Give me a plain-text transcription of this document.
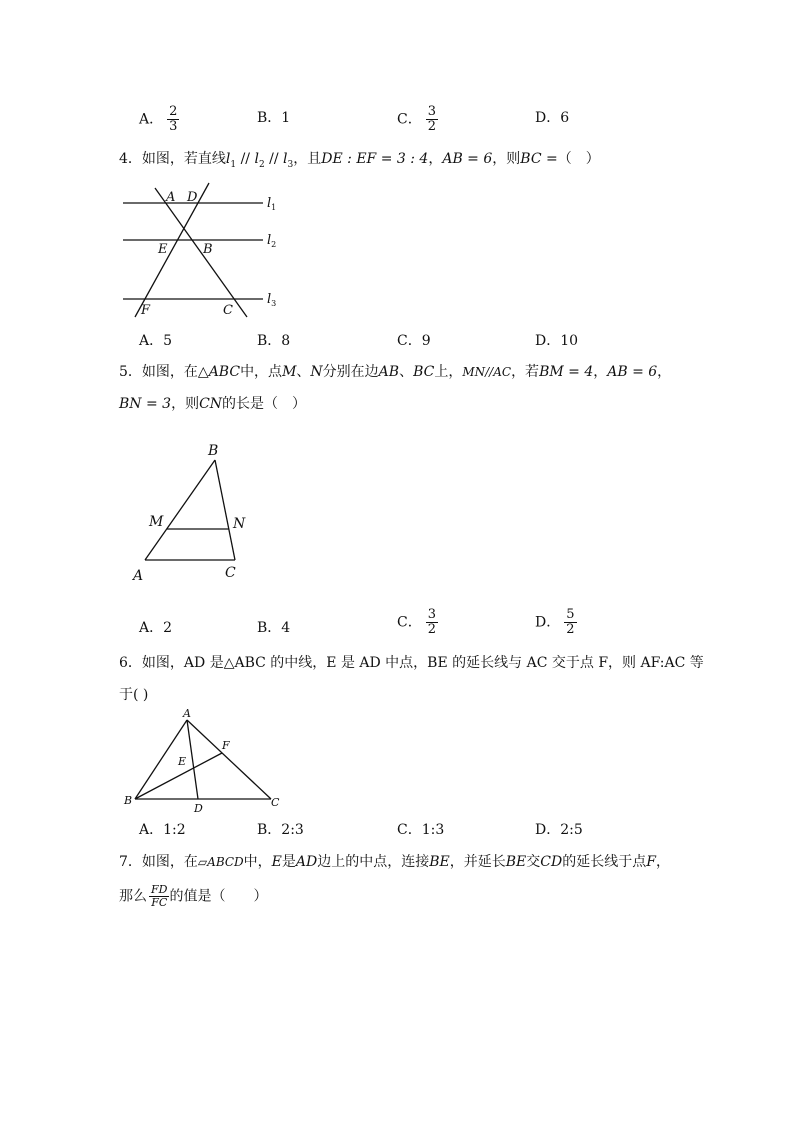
A． $\frac{2}{3}$	B．1	C． $\frac{3}{2}$	D．6
4．如图，若直线$l_1 // l_2 // l_3$，且DE : EF = 3 : 4，AB = 6，则BC =（　）
A D
E	B
F	C
$l_1$
$l_2$
$l_3$
A．5	B．8	C．9	D．10
5．如图，在△ABC中，点M、N分别在边AB、BC上，MN//AC，若BM = 4，AB = 6，
BN = 3，则CN的长是（　）
B
M	N
A	C
A．2	B．4	C． $\frac{3}{2}$	D． $\frac{5}{2}$
6．如图，AD 是△ABC 的中线，E 是 AD 中点，BE 的延长线与 AC 交于点 F，则 AF:AC 等
于( )
A
F
E
B
D	C
A．1:2	B．2:3	C．1:3	D．2:5
7．如图，在▱ABCD中，E是AD边上的中点，连接BE，并延长BE交CD的延长线于点F，
那么 $\frac{FD}{FC}$ 的值是（　　）
